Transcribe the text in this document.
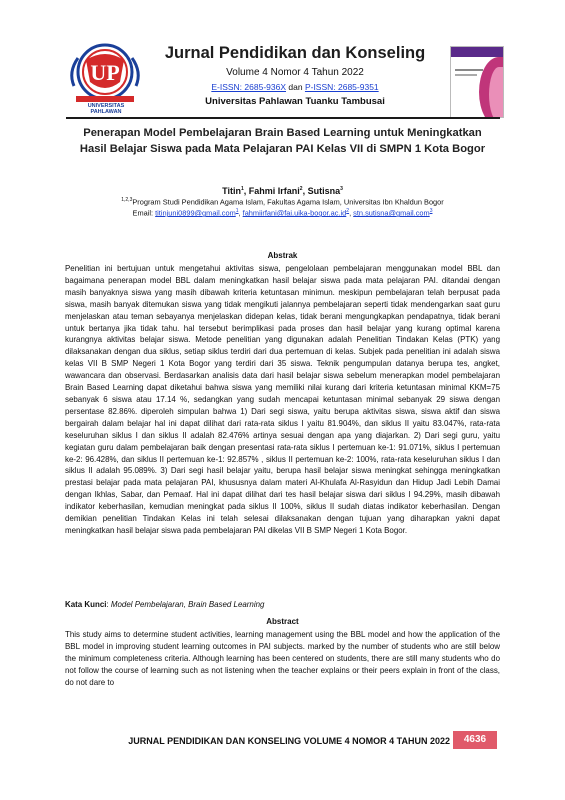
UP
UNIVERSITAS PAHLAWAN
Jurnal Pendidikan dan Konseling
Volume 4 Nomor 4 Tahun 2022
E-ISSN: 2685-936X dan P-ISSN: 2685-9351
Universitas Pahlawan Tuanku Tambusai
Penerapan Model Pembelajaran Brain Based Learning untuk Meningkatkan Hasil Belajar Siswa pada Mata Pelajaran PAI Kelas VII di SMPN 1 Kota Bogor
Titin$^1$, Fahmi Irfani$^2$, Sutisna$^3$
$^{1,2,3}$Program Studi Pendidikan Agama Islam, Fakultas Agama Islam, Universitas Ibn Khaldun Bogor
Email: titinjuni0899@gmail.com$^1$, $fahmiirfani@fai.uika-bogor.ac.id^2$, stn.sutisna@gmail.com$^3$
Abstrak
Penelitian ini bertujuan untuk mengetahui aktivitas siswa, pengelolaan pembelajaran menggunakan model BBL dan bagaimana penerapan model BBL dalam meningkatkan hasil belajar siswa pada mata pelajaran PAI. ditandai dengan masih banyaknya siswa yang masih dibawah kriteria ketuntasan minimun. meskipun pembelajaran telah berpusat pada siswa, masih banyak ditemukan siswa yang tidak mengikuti jalannya pembelajaran seperti tidak mendengarkan saat guru menjelaskan atau teman sebayanya menjelaskan didepan kelas, tidak berani mengungkapkan pendapatnya, tidak berani untuk bertanya jika tidak tahu. hal tersebut berimplikasi pada proses dan hasil belajar yang kurang optimal karena kurangnya aktivitas belajar siswa. Metode penelitian yang digunakan adalah Penelitian Tindakan Kelas (PTK) yang dilaksanakan dengan dua siklus, setiap siklus terdiri dari dua pertemuan di kelas. Subjek pada penelitian ini adalah siswa kelas VII B SMP Negeri 1 Kota Bogor yang terdiri dari 35 siswa. Teknik pengumpulan datanya berupa tes, angket, wawancara dan observasi. Berdasarkan analisis data dari hasil belajar siswa sebelum menerapkan model pembelajaran Brain Based Learning dapat diketahui bahwa siswa yang memiliki nilai kurang dari kriteria ketuntasan minimal KKM=75 sebanyak 6 siswa atau 17.14 %, sedangkan yang sudah mencapai ketuntasan minimal sebanyak 29 siswa dengan persentase 82.86%. diperoleh simpulan bahwa 1) Dari segi siswa, yaitu berupa aktivitas siswa, siswa aktif dan siswa bergairah dalam belajar hal ini dapat dilihat dari rata-rata siklus I yaitu 81.904%, dan siklus II yaitu 83.047%, rata-rata keseluruhan siklus I dan siklus II adalah 82.476% artinya sesuai dengan apa yang diajarkan. 2) Dari segi guru, yaitu kegiatan guru dalam pembelajaran baik dengan presentasi rata-rata siklus I pertemuan ke-1: 91.071%, siklus I pertemuan ke-2: 96.428%, dan siklus II pertemuan ke-1: 92.857% , siklus II pertemuan ke-2: 100%, rata-rata keseluruhan siklus I dan siklus II adalah 95.089%. 3) Dari segi hasil belajar yaitu, berupa hasil belajar siswa meningkat sehingga meningkatkan prestasi belajar pada mata pelajaran PAI, khususnya dalam materi Al-Khulafa Al-Rasyidun dan Hidup Jadi Lebih Damai dengan Ikhlas, Sabar, dan Pemaaf. Hal ini dapat dilihat dari tes hasil belajar siswa dari siklus I 94.29%, masih dibawah indikator keberhasilan, kemudian meningkat pada siklus II 100%, siklus II sudah diatas indikator keberhasilan. Dengan demikian penelitian Tindakan Kelas ini telah selesai dilaksanakan dengan tujuan yang diharapkan yakni dapat meningkatkan hasil belajar siswa pada pembelajaran PAI dikelas VII B SMP Negeri 1 Kota Bogor.
Kata Kunci: Model Pembelajaran, Brain Based Learning
Abstract
This study aims to determine student activities, learning management using the BBL model and how the application of the BBL model in improving student learning outcomes in PAI subjects. marked by the number of students who are still below the minimum completeness criteria. Although learning has been centered on students, there are still many students who do not follow the course of learning such as not listening when the teacher explains or their peers explain in front of the class, do not dare to
JURNAL PENDIDIKAN DAN KONSELING VOLUME 4 NOMOR 4 TAHUN 2022	4636
